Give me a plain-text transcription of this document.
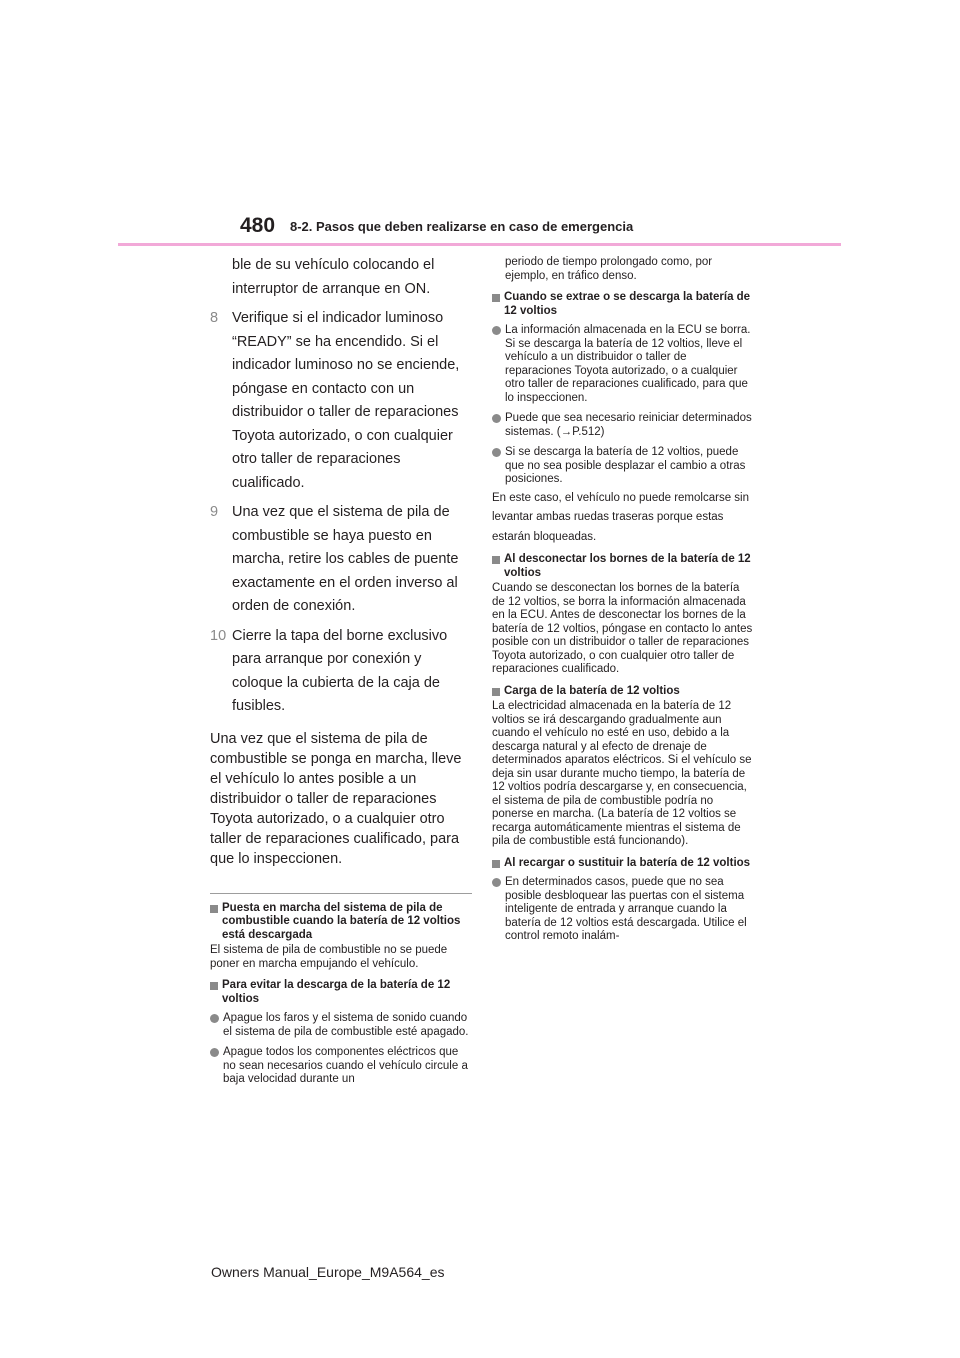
480 8-2. Pasos que deben realizarse en caso de emergencia

ble de su vehículo colocando el interruptor de arranque en ON.

8 Verifique si el indicador luminoso “READY” se ha encendido. Si el indicador luminoso no se enciende, póngase en contacto con un distribuidor o taller de reparaciones Toyota autorizado, o con cualquier otro taller de reparaciones cualificado.
9 Una vez que el sistema de pila de combustible se haya puesto en marcha, retire los cables de puente exactamente en el orden inverso al orden de conexión.
10 Cierre la tapa del borne exclusivo para arranque por conexión y coloque la cubierta de la caja de fusibles.

Una vez que el sistema de pila de combustible se ponga en marcha, lleve el vehículo lo antes posible a un distribuidor o taller de reparaciones Toyota autorizado, o a cualquier otro taller de reparaciones cualificado, para que lo inspeccionen.

Puesta en marcha del sistema de pila de combustible cuando la batería de 12 voltios está descargada

El sistema de pila de combustible no se puede poner en marcha empujando el vehículo.

Para evitar la descarga de la batería de 12 voltios
Apague los faros y el sistema de sonido cuando el sistema de pila de combustible esté apagado.
Apague todos los componentes eléctricos que no sean necesarios cuando el vehículo circule a baja velocidad durante un

periodo de tiempo prolongado como, por ejemplo, en tráfico denso.

Cuando se extrae o se descarga la batería de 12 voltios
La información almacenada en la ECU se borra. Si se descarga la batería de 12 voltios, lleve el vehículo a un distribuidor o taller de reparaciones Toyota autorizado, o a cualquier otro taller de reparaciones cualificado, para que lo inspeccionen.
Puede que sea necesario reiniciar determinados sistemas. (→P.512)
Si se descarga la batería de 12 voltios, puede que no sea posible desplazar el cambio a otras posiciones.

En este caso, el vehículo no puede remolcarse sin levantar ambas ruedas traseras porque estas estarán bloqueadas.

Al desconectar los bornes de la batería de 12 voltios

Cuando se desconectan los bornes de la batería de 12 voltios, se borra la información almacenada en la ECU. Antes de desconectar los bornes de la batería de 12 voltios, póngase en contacto lo antes posible con un distribuidor o taller de reparaciones Toyota autorizado, o con cualquier otro taller de reparaciones cualificado.

Carga de la batería de 12 voltios

La electricidad almacenada en la batería de 12 voltios se irá descargando gradualmente aun cuando el vehículo no esté en uso, debido a la descarga natural y al efecto de drenaje de determinados aparatos eléctricos. Si el vehículo se deja sin usar durante mucho tiempo, la batería de 12 voltios podría descargarse y, en consecuencia, el sistema de pila de combustible podría no ponerse en marcha. (La batería de 12 voltios se recarga automáticamente mientras el sistema de pila de combustible está funcionando).

Al recargar o sustituir la batería de 12 voltios
En determinados casos, puede que no sea posible desbloquear las puertas con el sistema inteligente de entrada y arranque cuando la batería de 12 voltios está descargada. Utilice el control remoto inalám-
Owners Manual_Europe_M9A564_es
